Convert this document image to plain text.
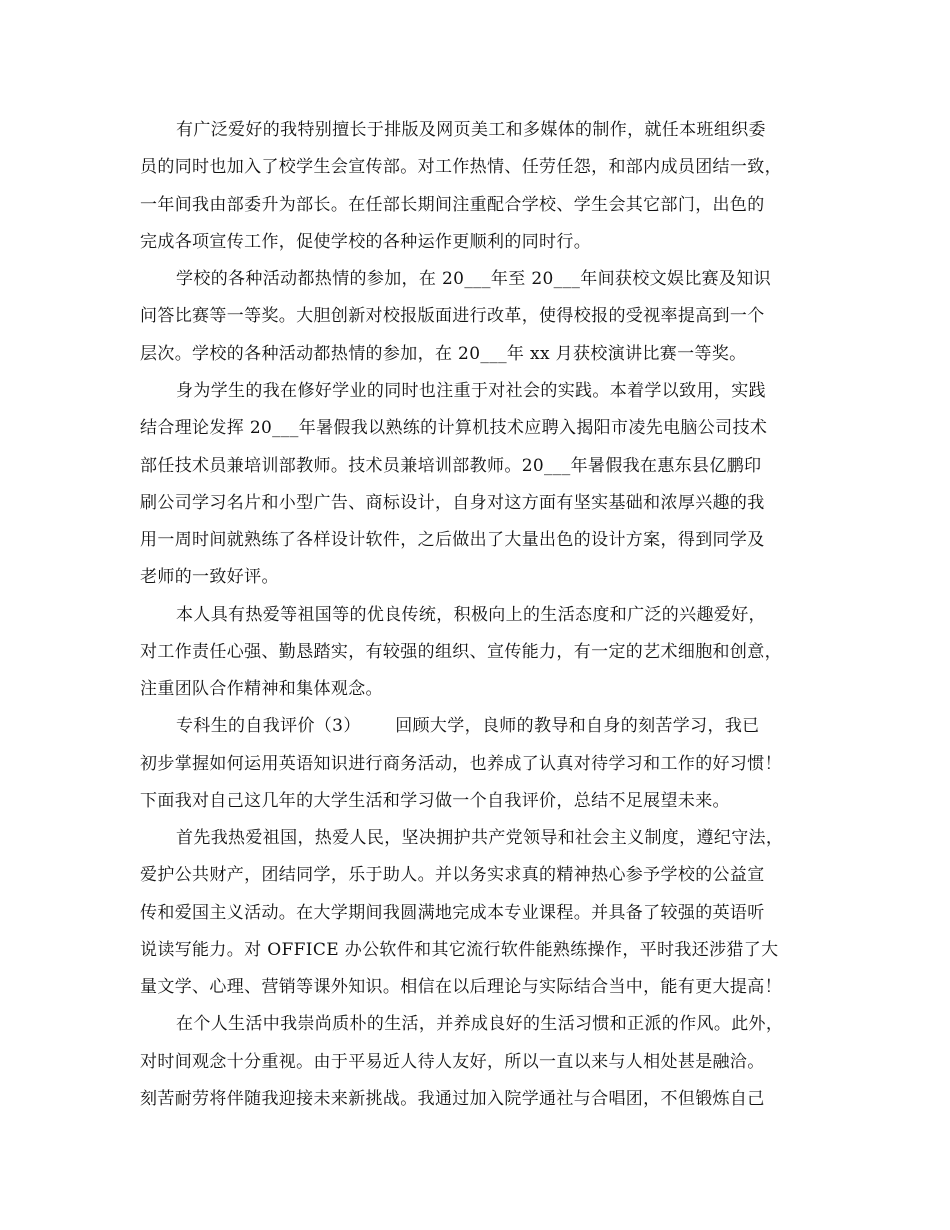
有广泛爱好的我特别擅长于排版及网页美工和多媒体的制作，就任本班组织委
员的同时也加入了校学生会宣传部。对工作热情、任劳任怨，和部内成员团结一致，
一年间我由部委升为部长。在任部长期间注重配合学校、学生会其它部门，出色的
完成各项宣传工作，促使学校的各种运作更顺利的同时行。
学校的各种活动都热情的参加，在 20___年至 20___年间获校文娱比赛及知识
问答比赛等一等奖。大胆创新对校报版面进行改革，使得校报的受视率提高到一个
层次。学校的各种活动都热情的参加，在 20___年 xx 月获校演讲比赛一等奖。
身为学生的我在修好学业的同时也注重于对社会的实践。本着学以致用，实践
结合理论发挥 20___年暑假我以熟练的计算机技术应聘入揭阳市凌先电脑公司技术
部任技术员兼培训部教师。技术员兼培训部教师。20___年暑假我在惠东县亿鹏印
刷公司学习名片和小型广告、商标设计，自身对这方面有坚实基础和浓厚兴趣的我
用一周时间就熟练了各样设计软件，之后做出了大量出色的设计方案，得到同学及
老师的一致好评。
本人具有热爱等祖国等的优良传统，积极向上的生活态度和广泛的兴趣爱好，
对工作责任心强、勤恳踏实，有较强的组织、宣传能力，有一定的艺术细胞和创意，
注重团队合作精神和集体观念。
专科生的自我评价（3）      回顾大学，良师的教导和自身的刻苦学习，我已
初步掌握如何运用英语知识进行商务活动，也养成了认真对待学习和工作的好习惯！
下面我对自己这几年的大学生活和学习做一个自我评价，总结不足展望未来。
首先我热爱祖国，热爱人民，坚决拥护共产党领导和社会主义制度，遵纪守法，
爱护公共财产，团结同学，乐于助人。并以务实求真的精神热心参予学校的公益宣
传和爱国主义活动。在大学期间我圆满地完成本专业课程。并具备了较强的英语听
说读写能力。对 OFFICE 办公软件和其它流行软件能熟练操作，平时我还涉猎了大
量文学、心理、营销等课外知识。相信在以后理论与实际结合当中，能有更大提高！
在个人生活中我崇尚质朴的生活，并养成良好的生活习惯和正派的作风。此外，
对时间观念十分重视。由于平易近人待人友好，所以一直以来与人相处甚是融洽。
刻苦耐劳将伴随我迎接未来新挑战。我通过加入院学通社与合唱团，不但锻炼自己
